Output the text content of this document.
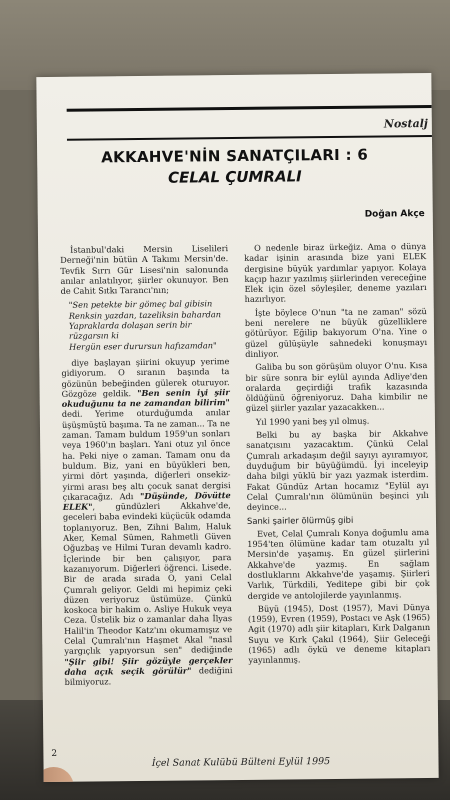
Nostalj
AKKAHVE'NİN SANATÇILARI : 6
CELAL ÇUMRALI
Doğan Akçe

İstanbul'daki Mersin Liselileri Derneği'nin bütün A Takımı Mersin'de. Tevfik Sırrı Gür Lisesi'nin salonunda anılar anlatılıyor, şiirler okunuyor. Ben de Cahit Sıtkı Tarancı'nın;

"Sen petekte bir gömeç bal gibisin
Renksin yazdan, tazeliksin bahardan
Yapraklarda dolaşan serin bir rüzgarsın ki
Hergün eser durursun hafızamdan"

diye başlayan şiirini okuyup yerime gidiyorum. O sıranın başında ta gözünün bebeğinden gülerek oturuyor. Gözgöze geldik. "Ben senin iyi şiir okuduğunu ta ne zamandan bilirim" dedi. Yerime oturduğumda anılar üşüşmüştü başıma. Ta ne zaman... Ta ne zaman. Tamam buldum 1959'un sonları veya 1960'ın başları. Yani otuz yıl önce ha. Peki niye o zaman. Tamam onu da buldum. Biz, yani en büyükleri ben, yirmi dört yaşında, diğerleri onsekiz-yirmi arası beş altı çocuk sanat dergisi çıkaracağız. Adı "Düşünde, Dövütte ELEK", gündüzleri Akkahve'de, geceleri baba evindeki küçücük odamda toplanıyoruz. Ben, Zihni Balım, Haluk Aker, Kemal Sümen, Rahmetli Güven Oğuzbaş ve Hilmi Turan devamlı kadro. İçlerinde bir ben çalışıyor, para kazanıyorum. Diğerleri öğrenci. Lisede. Bir de arada sırada O, yani Celal Çumralı geliyor. Geldi mi hepimiz çeki düzen veriyoruz üstümüze. Çünkü koskoca bir hakim o. Asliye Hukuk veya Ceza. Üstelik biz o zamanlar daha İlyas Halil'in Theodor Katz'ını okumamışız ve Celal Çumralı'nın Haşmet Akal "nasıl yargıçlık yapıyorsun sen" dediğinde "Şiir gibi! Şiir gözüyle gerçekler daha açık seçik görülür" dediğini bilmiyoruz.

O nedenle biraz ürkeğiz. Ama o dünya kadar işinin arasında bize yani ELEK dergisine büyük yardımlar yapıyor. Kolaya kaçıp hazır yazılmış şiirlerinden vereceğine Elek için özel söyleşiler, deneme yazıları hazırlıyor.

İşte böylece O'nun "ta ne zaman" sözü beni nerelere ne büyük güzelliklere götürüyor. Eğilip bakıyorum O'na. Yine o güzel gülüşüyle sahnedeki konuşmayı dinliyor.

Galiba bu son görüşüm oluyor O'nu. Kısa bir süre sonra bir eylül ayında Adliye'den oralarda geçirdiği trafik kazasında öldüğünü öğreniyoruz. Daha kimbilir ne güzel şiirler yazılar yazacakken...

Yıl 1990 yani beş yıl olmuş.

Belki bu ay başka bir Akkahve sanatçısını yazacaktım. Çünkü Celal Çumralı arkadaşım değil sayıyı ayıramıyor, duyduğum bir büyüğümdü. İyi inceleyip daha bilgi yüklü bir yazı yazmak isterdim. Fakat Gündüz Artan hocamız "Eylül ayı Celal Çumralı'nın ölümünün beşinci yılı deyince...

Sanki şairler ölürmüş gibi

Evet, Celal Çumralı Konya doğumlu ama 1954'ten ölümüne kadar tam otuzaltı yıl Mersin'de yaşamış. En güzel şiirlerini Akkahve'de yazmış. En sağlam dostluklarını Akkahve'de yaşamış. Şiirleri Varlık, Türkdili, Yeditepe gibi bir çok dergide ve antolojilerde yayınlanmış.

Büyü (1945), Dost (1957), Mavi Dünya (1959), Evren (1959), Postacı ve Aşk (1965) Agit (1970) adlı şiir kitapları, Kırk Dalganın Suyu ve Kırk Çakıl (1964), Şiir Geleceği (1965) adlı öykü ve deneme kitapları yayınlanmış.

2
İçel Sanat Kulübü Bülteni Eylül 1995
